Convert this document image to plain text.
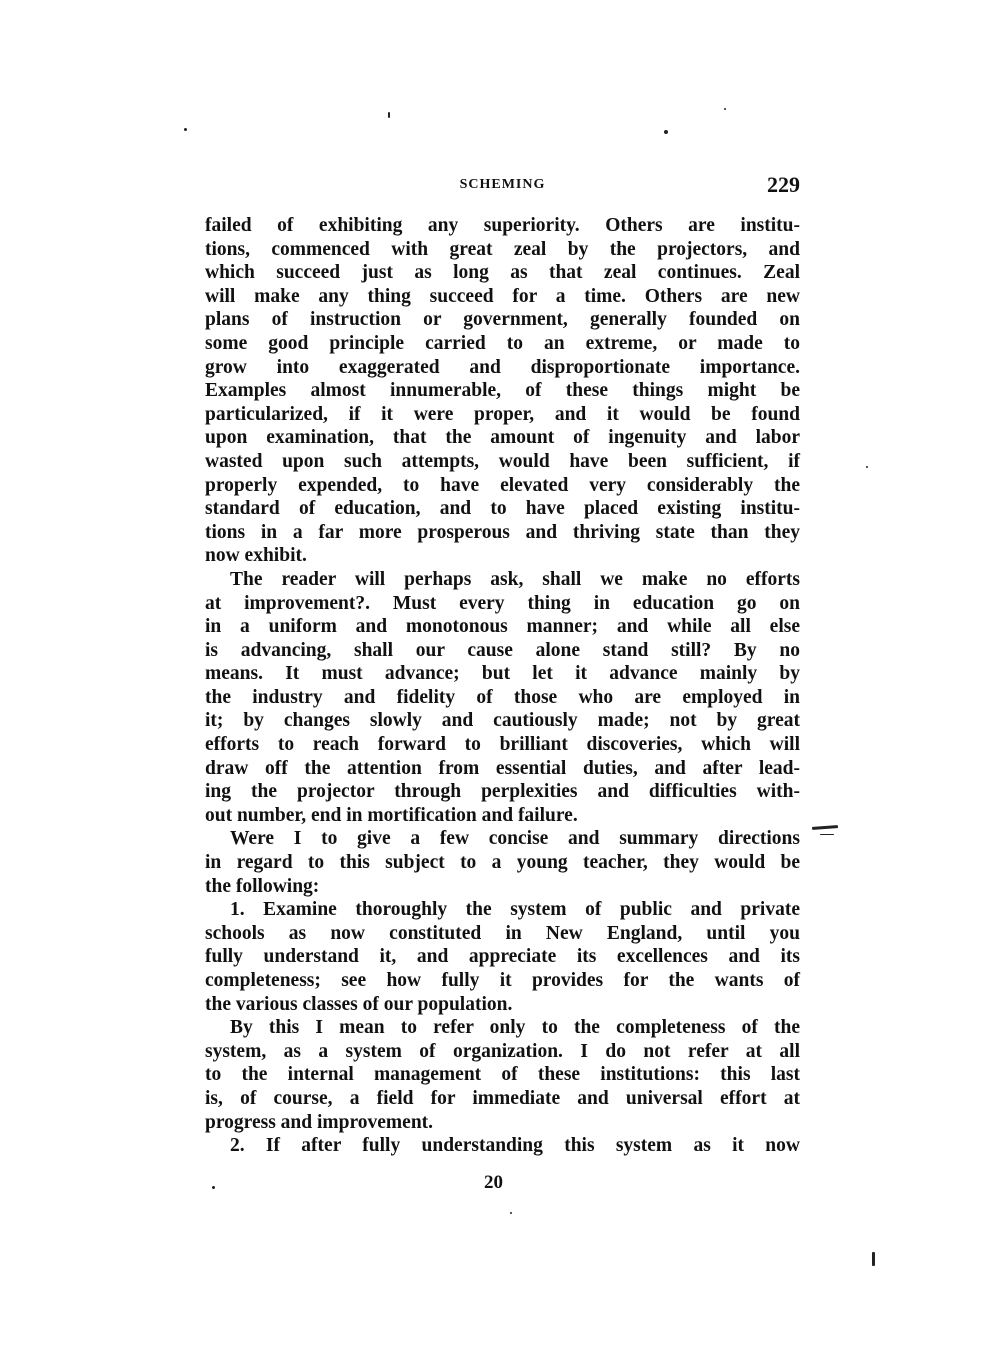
SCHEMING	229
failed of exhibiting any superiority. Others are institu-
tions, commenced with great zeal by the projectors, and
which succeed just as long as that zeal continues. Zeal
will make any thing succeed for a time. Others are new
plans of instruction or government, generally founded on
some good principle carried to an extreme, or made to
grow into exaggerated and disproportionate importance.
Examples almost innumerable, of these things might be
particularized, if it were proper, and it would be found
upon examination, that the amount of ingenuity and labor
wasted upon such attempts, would have been sufficient, if
properly expended, to have elevated very considerably the
standard of education, and to have placed existing institu-
tions in a far more prosperous and thriving state than they
now exhibit.
The reader will perhaps ask, shall we make no efforts
at improvement?. Must every thing in education go on
in a uniform and monotonous manner; and while all else
is advancing, shall our cause alone stand still? By no
means. It must advance; but let it advance mainly by
the industry and fidelity of those who are employed in
it; by changes slowly and cautiously made; not by great
efforts to reach forward to brilliant discoveries, which will
draw off the attention from essential duties, and after lead-
ing the projector through perplexities and difficulties with-
out number, end in mortification and failure.
Were I to give a few concise and summary directions
in regard to this subject to a young teacher, they would be
the following:
1. Examine thoroughly the system of public and private
schools as now constituted in New England, until you
fully understand it, and appreciate its excellences and its
completeness; see how fully it provides for the wants of
the various classes of our population.
By this I mean to refer only to the completeness of the
system, as a system of organization. I do not refer at all
to the internal management of these institutions: this last
is, of course, a field for immediate and universal effort at
progress and improvement.
2. If after fully understanding this system as it now
20
